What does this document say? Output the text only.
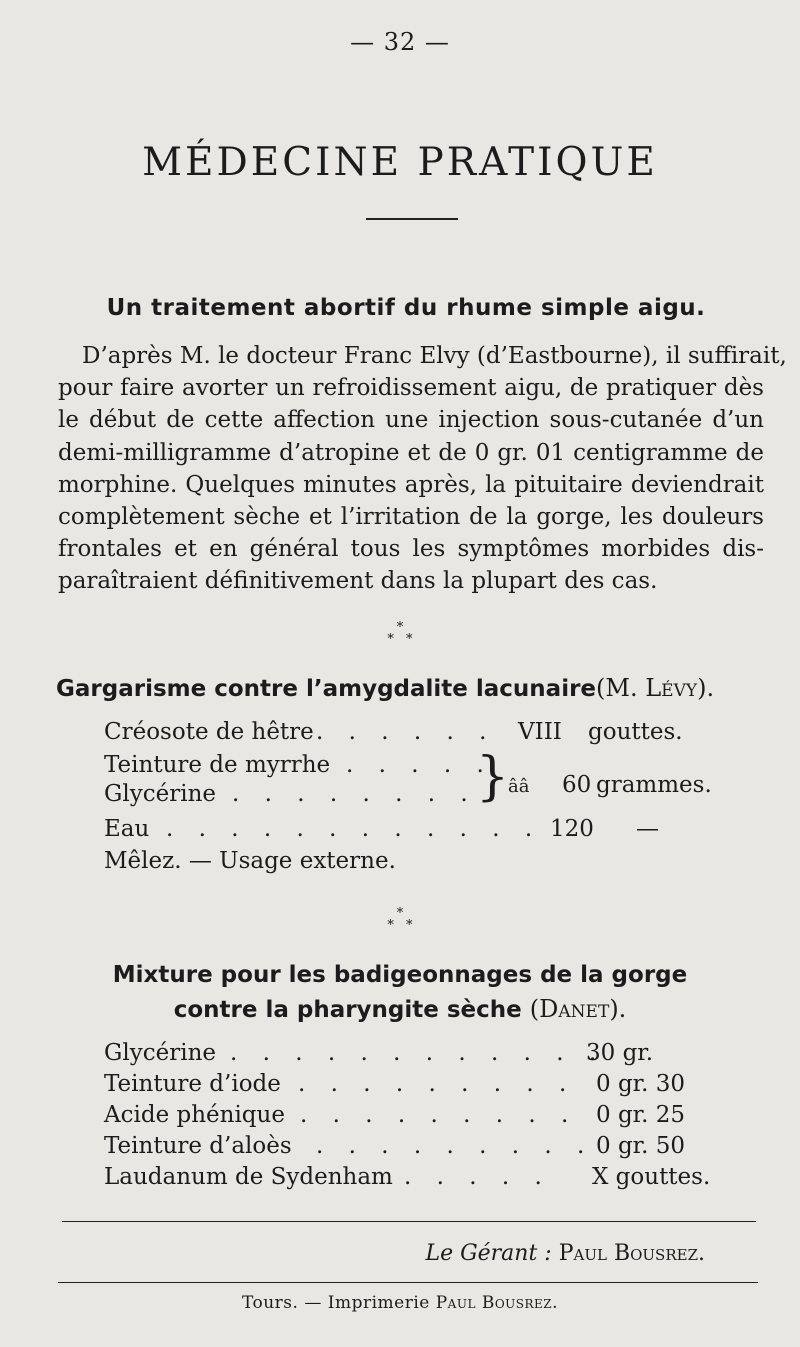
— 32 —
MÉDECINE PRATIQUE
Un traitement abortif du rhume simple aigu.
D’après M. le docteur Franc Elvy (d’Eastbourne), il suffirait,
pour faire avorter un refroidissement aigu, de pratiquer dès
le début de cette affection une injection sous-cutanée d’un
demi-milligramme d’atropine et de 0 gr. 01 centigramme de
morphine. Quelques minutes après, la pituitaire deviendrait
complètement sèche et l’irritation de la gorge, les douleurs
frontales et en général tous les symptômes morbides dis-
paraîtraient définitivement dans la plupart des cas.
*
* *
Gargarisme contre l’amygdalite lacunaire(M. Lévy).
Créosote de hêtre . . . . . . VIII gouttes.
Teinture de myrrhe . . . . .
Glycérine . . . . . . . . }
ââ 60 grammes.
Eau . . . . . . . . . . . . 120 —
Mêlez. — Usage externe.
*
* *
Mixture pour les badigeonnages de la gorge
contre la pharyngite sèche (Danet).
Glycérine . . . . . . . . . . . .
30 gr.
Teinture d’iode . . . . . . . . . 0 gr. 30
Acide phénique . . . . . . . . . 0 gr. 25
Teinture d’aloès . . . . . . . . . 0 gr. 50
Laudanum de Sydenham . . . . . X gouttes.
Le Gérant : Paul Bousrez.
Tours. — Imprimerie Paul Bousrez.
